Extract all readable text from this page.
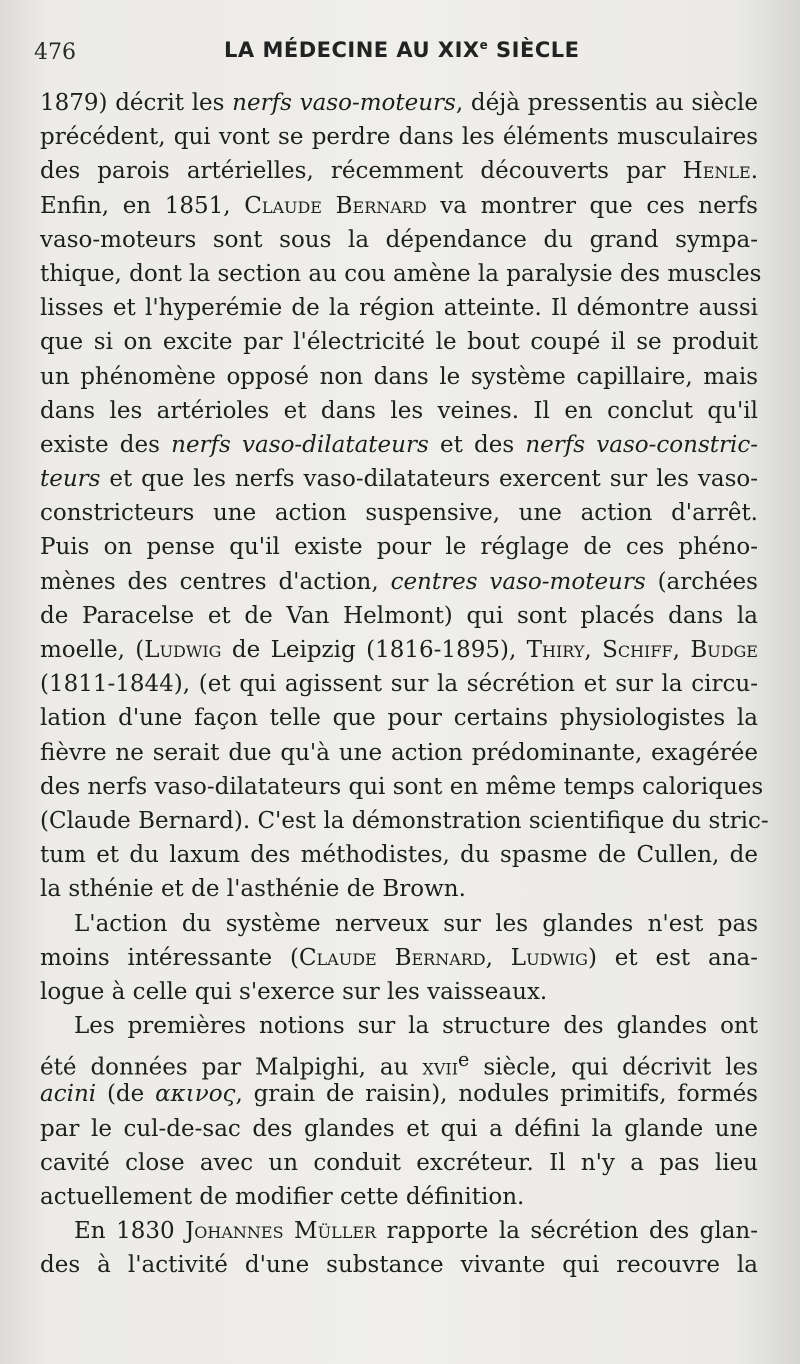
476	LA MÉDECINE AU XIXe SIÈCLE
1879) décrit les nerfs vaso-moteurs, déjà pressentis au siècle
précédent, qui vont se perdre dans les éléments musculaires
des parois artérielles, récemment découverts par Henle.
Enfin, en 1851, Claude Bernard va montrer que ces nerfs
vaso-moteurs sont sous la dépendance du grand sympa-
thique, dont la section au cou amène la paralysie des muscles
lisses et l'hyperémie de la région atteinte. Il démontre aussi
que si on excite par l'électricité le bout coupé il se produit
un phénomène opposé non dans le système capillaire, mais
dans les artérioles et dans les veines. Il en conclut qu'il
existe des nerfs vaso-dilatateurs et des nerfs vaso-constric-
teurs et que les nerfs vaso-dilatateurs exercent sur les vaso-
constricteurs une action suspensive, une action d'arrêt.
Puis on pense qu'il existe pour le réglage de ces phéno-
mènes des centres d'action, centres vaso-moteurs (archées
de Paracelse et de Van Helmont) qui sont placés dans la
moelle, (Ludwig de Leipzig (1816-1895), Thiry, Schiff, Budge
(1811-1844), (et qui agissent sur la sécrétion et sur la circu-
lation d'une façon telle que pour certains physiologistes la
fièvre ne serait due qu'à une action prédominante, exagérée
des nerfs vaso-dilatateurs qui sont en même temps caloriques
(Claude Bernard). C'est la démonstration scientifique du stric-
tum et du laxum des méthodistes, du spasme de Cullen, de
la sthénie et de l'asthénie de Brown.
L'action du système nerveux sur les glandes n'est pas
moins intéressante (Claude Bernard, Ludwig) et est ana-
logue à celle qui s'exerce sur les vaisseaux.
Les premières notions sur la structure des glandes ont
été données par Malpighi, au xvii$^e$ siècle, qui décrivit les
acini (de ακινος, grain de raisin), nodules primitifs, formés
par le cul-de-sac des glandes et qui a défini la glande une
cavité close avec un conduit excréteur. Il n'y a pas lieu
actuellement de modifier cette définition.
En 1830 Johannes Müller rapporte la sécrétion des glan-
des à l'activité d'une substance vivante qui recouvre la
